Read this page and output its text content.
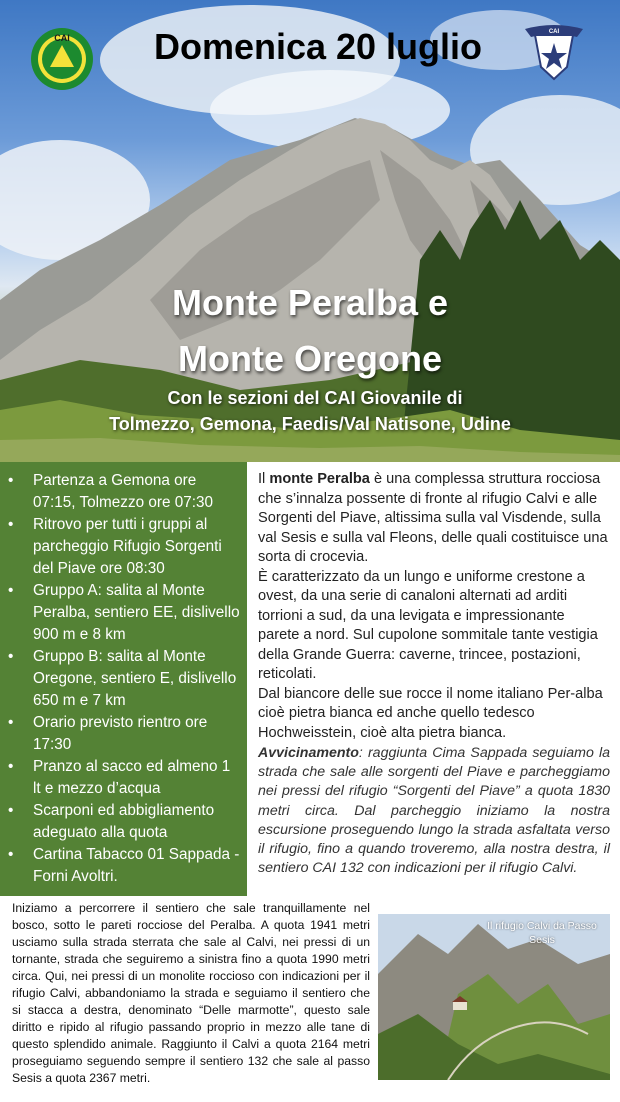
CAI	Domenica 20 luglio	CAI
Monte Peralba e
Monte Oregone
Con le sezioni del CAI Giovanile di
Tolmezzo, Gemona, Faedis/Val Natisone, Udine
• Partenza a Gemona ore 07:15, Tolmezzo ore 07:30
• Ritrovo per tutti i gruppi al parcheggio Rifugio Sorgenti del Piave ore 08:30
• Gruppo A: salita al Monte Peralba, sentiero EE, dislivello 900 m e 8 km
• Gruppo B: salita al Monte Oregone, sentiero E, dislivello 650 m e 7 km
• Orario previsto rientro ore 17:30
• Pranzo al sacco ed almeno 1 lt e mezzo d’acqua
• Scarponi ed abbigliamento adeguato alla quota
• Cartina Tabacco 01 Sappada - Forni Avoltri.

Il monte Peralba è una complessa struttura rocciosa che s’innalza possente di fronte al rifugio Calvi e alle Sorgenti del Piave, altissima sulla val Visdende, sulla val Sesis e sulla val Fleons, delle quali costituisce una sorta di crocevia.

È caratterizzato da un lungo e uniforme crestone a ovest, da una serie di canaloni alternati ad arditi torrioni a sud, da una levigata e impressionante parete a nord. Sul cupolone sommitale tante vestigia della Grande Guerra: caverne, trincee, postazioni, reticolati.

Dal biancore delle sue rocce il nome italiano Per-alba cioè pietra bianca ed anche quello tedesco Hochweisstein, cioè alta pietra bianca.

Avvicinamento: raggiunta Cima Sappada seguiamo la strada che sale alle sorgenti del Piave e parcheggiamo nei pressi del rifugio “Sorgenti del Piave” a quota 1830 metri circa. Dal parcheggio iniziamo la nostra escursione proseguendo lungo la strada asfaltata verso il rifugio, fino a quando troveremo, alla nostra destra, il sentiero CAI 132 con indicazioni per il rifugio Calvi.
Iniziamo a percorrere il sentiero che sale tranquillamente nel bosco, sotto le pareti rocciose del Peralba. A quota 1941 metri usciamo sulla strada sterrata che sale al Calvi, nei pressi di un tornante, strada che seguiremo a sinistra fino a quota 1990 metri circa. Qui, nei pressi di un monolite roccioso con indicazioni per il rifugio Calvi, abbandoniamo la strada e seguiamo il sentiero che si stacca a destra, denominato “Delle marmotte”, questo sale diritto e ripido al rifugio passando proprio in mezzo alle tane di questo splendido animale. Raggiunto il Calvi a quota 2164 metri proseguiamo seguendo sempre il sentiero 132 che sale al passo Sesis a quota 2367 metri.
Il rifugio Calvi da Passo Sesis
